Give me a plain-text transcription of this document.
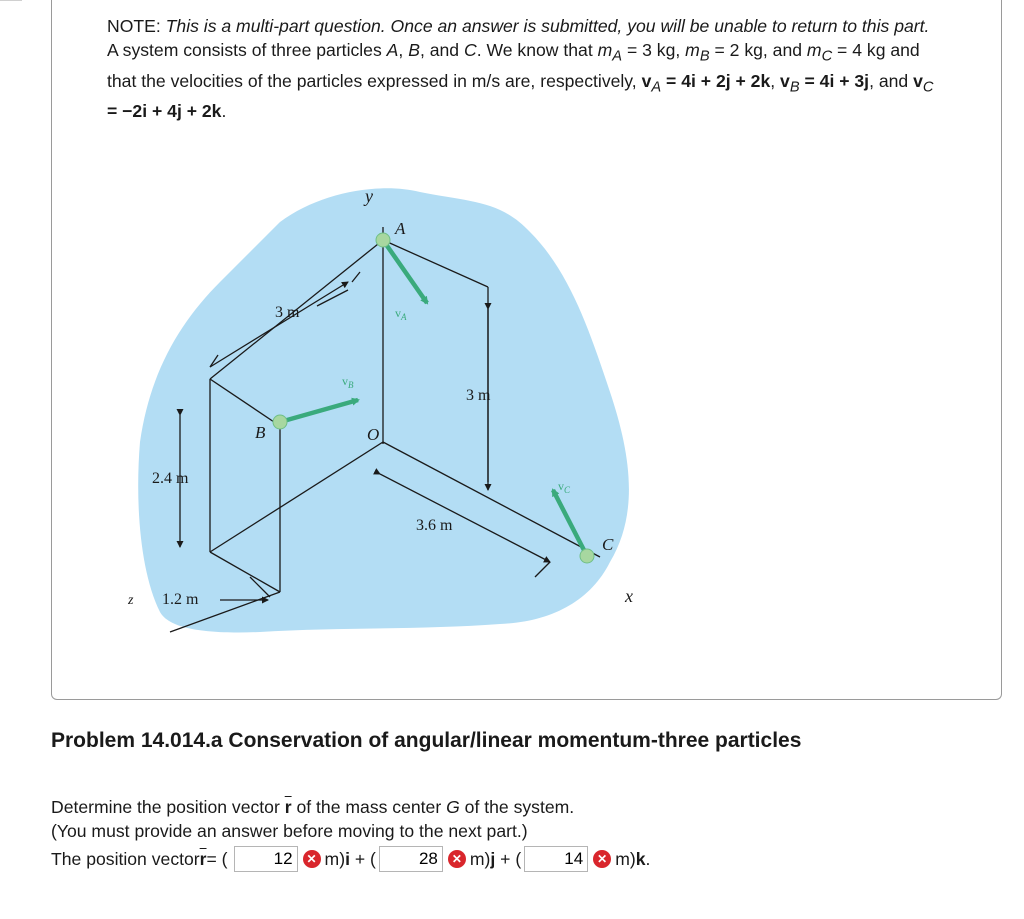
NOTE: This is a multi-part question. Once an answer is submitted, you will be unable to return to this part.
A system consists of three particles A, B, and C. We know that $m_A = 3$ kg, $m_B = 2$ kg, and $m_C = 4$ kg and that the velocities of the particles expressed in m/s are, respectively, $v_A = 4i + 2j + 2k$, $v_B = 4i + 3j$, and $v_C = -2i + 4j + 2k$.
y
x
z
A
B
C
O
$v_A$
$v_B$
$v_C$
3 m
3 m
2.4 m
3.6 m
1.2 m
Problem 14.014.a Conservation of angular/linear momentum-three particles
Determine the position vector $\overline{r}$ of the mass center G of the system.
(You must provide an answer before moving to the next part.)
The position vector $\overline{r}$ = (
12	✕ m) i + (
28	✕ m) j + (
14	✕ m) k .
